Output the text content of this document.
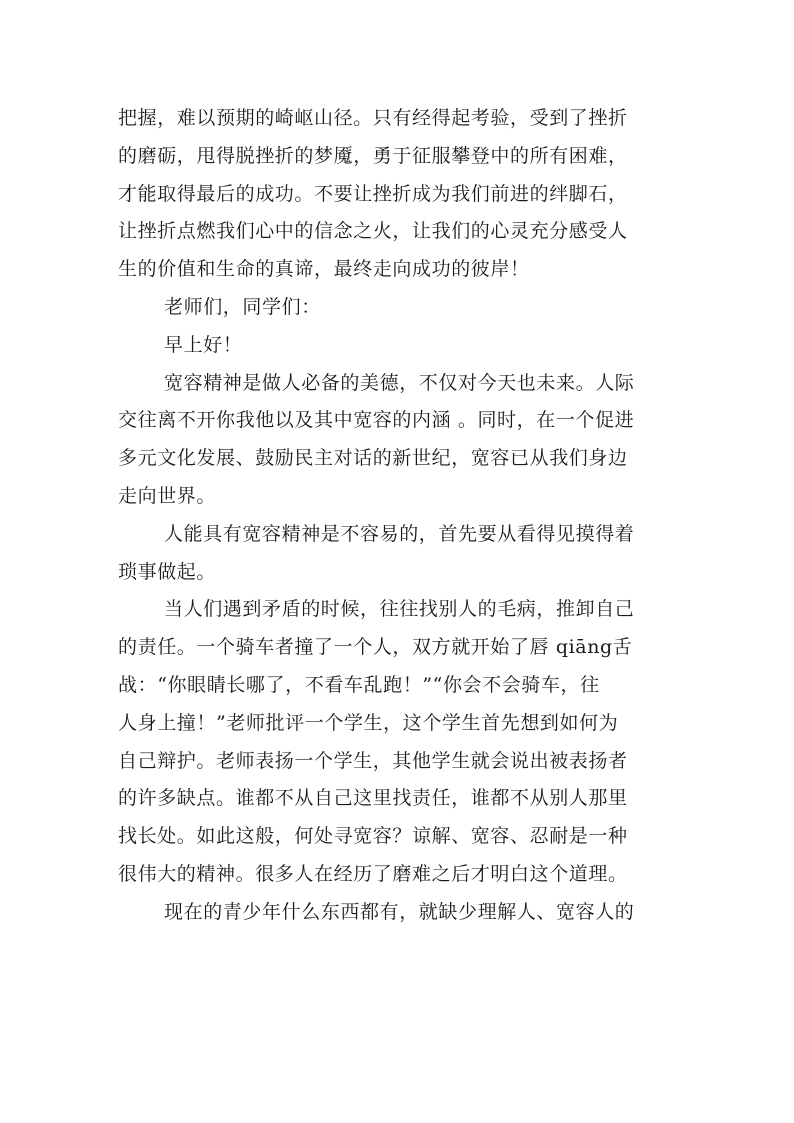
把握，难以预期的崎岖山径。只有经得起考验，受到了挫折
的磨砺，甩得脱挫折的梦魇，勇于征服攀登中的所有困难，
才能取得最后的成功。不要让挫折成为我们前进的绊脚石，
让挫折点燃我们心中的信念之火，让我们的心灵充分感受人
生的价值和生命的真谛，最终走向成功的彼岸！
老师们，同学们：
早上好！
宽容精神是做人必备的美德，不仅对今天也未来。人际
交往离不开你我他以及其中宽容的内涵 。同时，在一个促进
多元文化发展、鼓励民主对话的新世纪，宽容已从我们身边
走向世界。
人能具有宽容精神是不容易的，首先要从看得见摸得着
琐事做起。
当人们遇到矛盾的时候，往往找别人的毛病，推卸自己
的责任。一个骑车者撞了一个人，双方就开始了唇 qiāng舌
战：“你眼睛长哪了，不看车乱跑！”“你会不会骑车，往
人身上撞！”老师批评一个学生，这个学生首先想到如何为
自己辩护。老师表扬一个学生，其他学生就会说出被表扬者
的许多缺点。谁都不从自己这里找责任，谁都不从别人那里
找长处。如此这般，何处寻宽容？谅解、宽容、忍耐是一种
很伟大的精神。很多人在经历了磨难之后才明白这个道理。
现在的青少年什么东西都有，就缺少理解人、宽容人的
